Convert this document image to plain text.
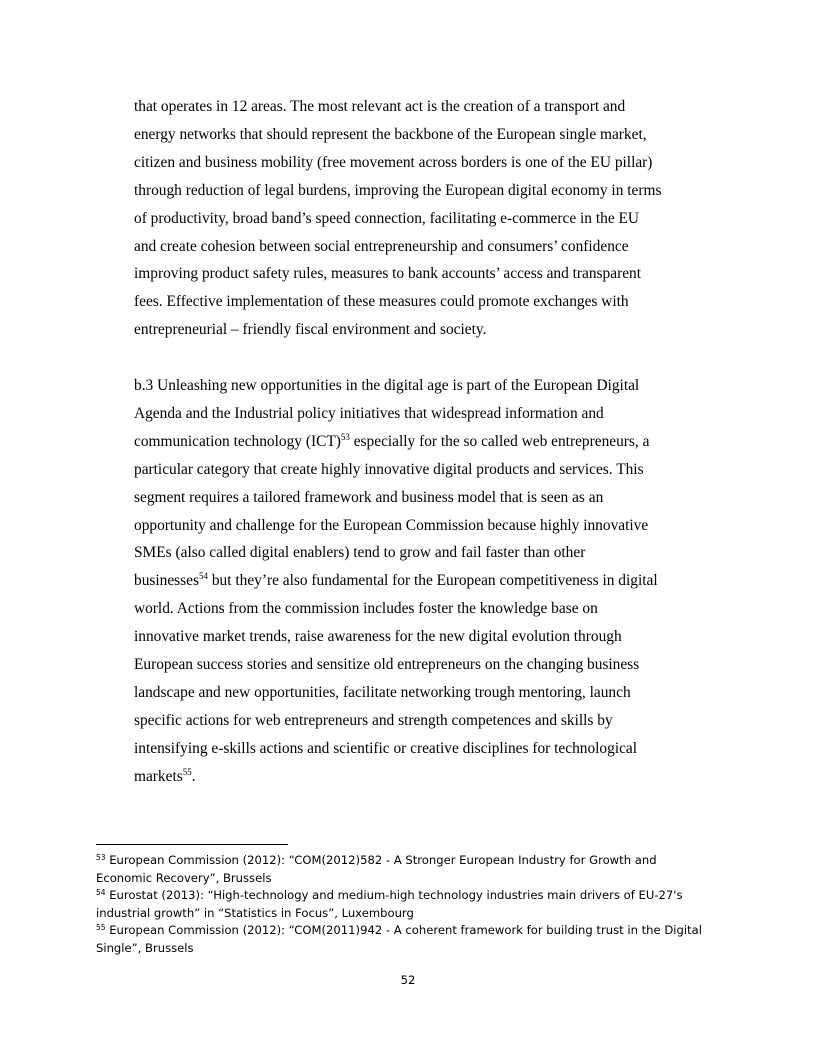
that operates in 12 areas. The most relevant act is the creation of a transport and
energy networks that should represent the backbone of the European single market,
citizen and business mobility (free movement across borders is one of the EU pillar)
through reduction of legal burdens, improving the European digital economy in terms
of productivity, broad band’s speed connection, facilitating e-commerce in the EU
and create cohesion between social entrepreneurship and consumers’ confidence
improving product safety rules, measures to bank accounts’ access and transparent
fees. Effective implementation of these measures could promote exchanges with
entrepreneurial – friendly fiscal environment and society.

b.3 Unleashing new opportunities in the digital age is part of the European Digital
Agenda and the Industrial policy initiatives that widespread information and
communication technology (ICT)$^{53}$ especially for the so called web entrepreneurs, a
particular category that create highly innovative digital products and services. This
segment requires a tailored framework and business model that is seen as an
opportunity and challenge for the European Commission because highly innovative
SMEs (also called digital enablers) tend to grow and fail faster than other
businesses$^{54}$ but they’re also fundamental for the European competitiveness in digital
world. Actions from the commission includes foster the knowledge base on
innovative market trends, raise awareness for the new digital evolution through
European success stories and sensitize old entrepreneurs on the changing business
landscape and new opportunities, facilitate networking trough mentoring, launch
specific actions for web entrepreneurs and strength competences and skills by
intensifying e-skills actions and scientific or creative disciplines for technological
markets$^{55}$.

$^{53}$ European Commission (2012): “COM(2012)582 - A Stronger European Industry for Growth and
Economic Recovery”, Brussels
$^{54}$ Eurostat (2013): “High-technology and medium-high technology industries main drivers of EU-27's
industrial growth” in “Statistics in Focus”, Luxembourg
$^{55}$ European Commission (2012): “COM(2011)942 - A coherent framework for building trust in the Digital
Single”, Brussels
52
